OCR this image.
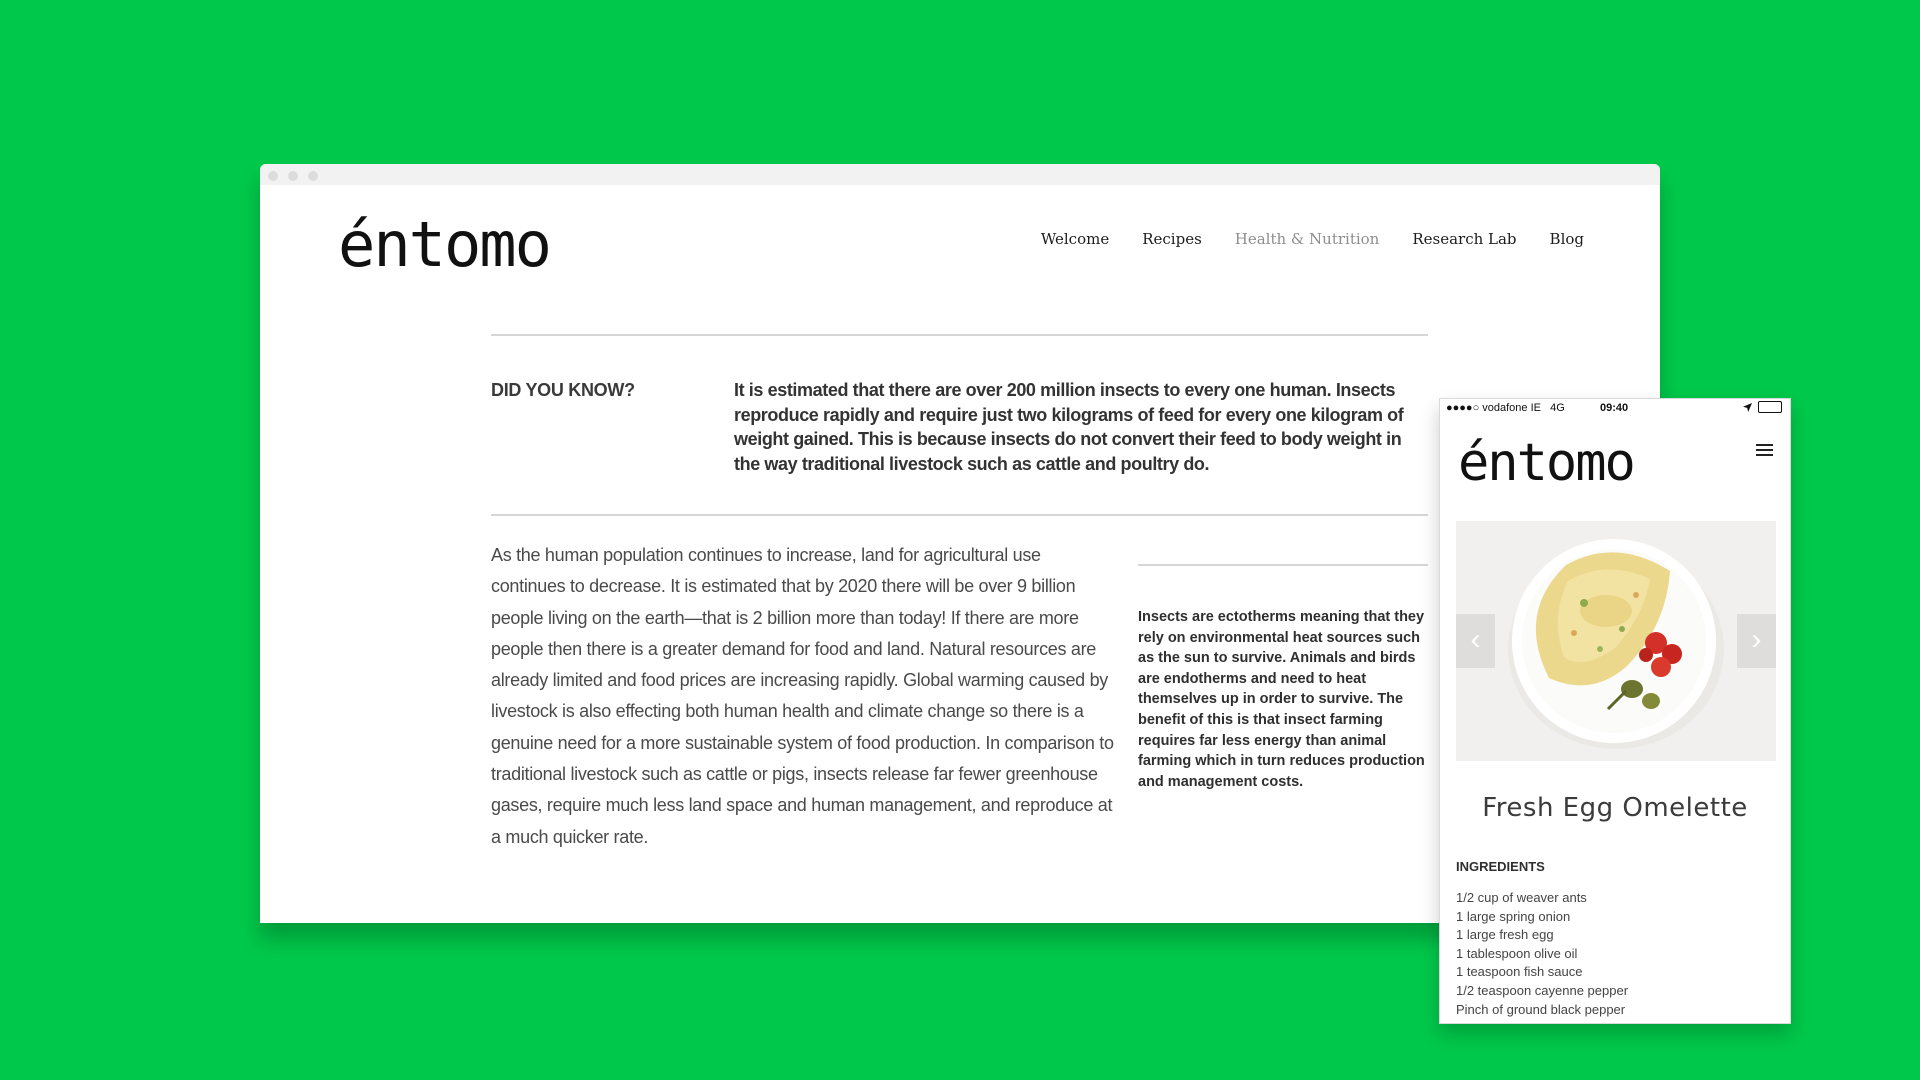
éntomo	Welcome Recipes Health & Nutrition Research Lab Blog
DID YOU KNOW?	It is estimated that there are over 200 million insects to every one human. Insects reproduce rapidly and require just two kilograms of feed for every one kilogram of weight gained. This is because insects do not convert their feed to body weight in the way traditional livestock such as cattle and poultry do.
As the human population continues to increase, land for agricultural use continues to decrease. It is estimated that by 2020 there will be over 9 billion people living on the earth—that is 2 billion more than today! If there are more people then there is a greater demand for food and land. Natural resources are already limited and food prices are increasing rapidly. Global warming caused by livestock is also effecting both human health and climate change so there is a genuine need for a more sustainable system of food production. In comparison to traditional livestock such as cattle or pigs, insects release far fewer greenhouse gases, require much less land space and human management, and reproduce at a much quicker rate.
Insects are ectotherms meaning that they rely on environmental heat sources such as the sun to survive. Animals and birds are endotherms and need to heat themselves up in order to survive. The benefit of this is that insect farming requires far less energy than animal farming which in turn reduces production and management costs.
●●●●○ vodafone IE 4G	09:40
éntomo
‹	›
Fresh Egg Omelette
INGREDIENTS
1/2 cup of weaver ants
1 large spring onion
1 large fresh egg
1 tablespoon olive oil
1 teaspoon fish sauce
1/2 teaspoon cayenne pepper
Pinch of ground black pepper
